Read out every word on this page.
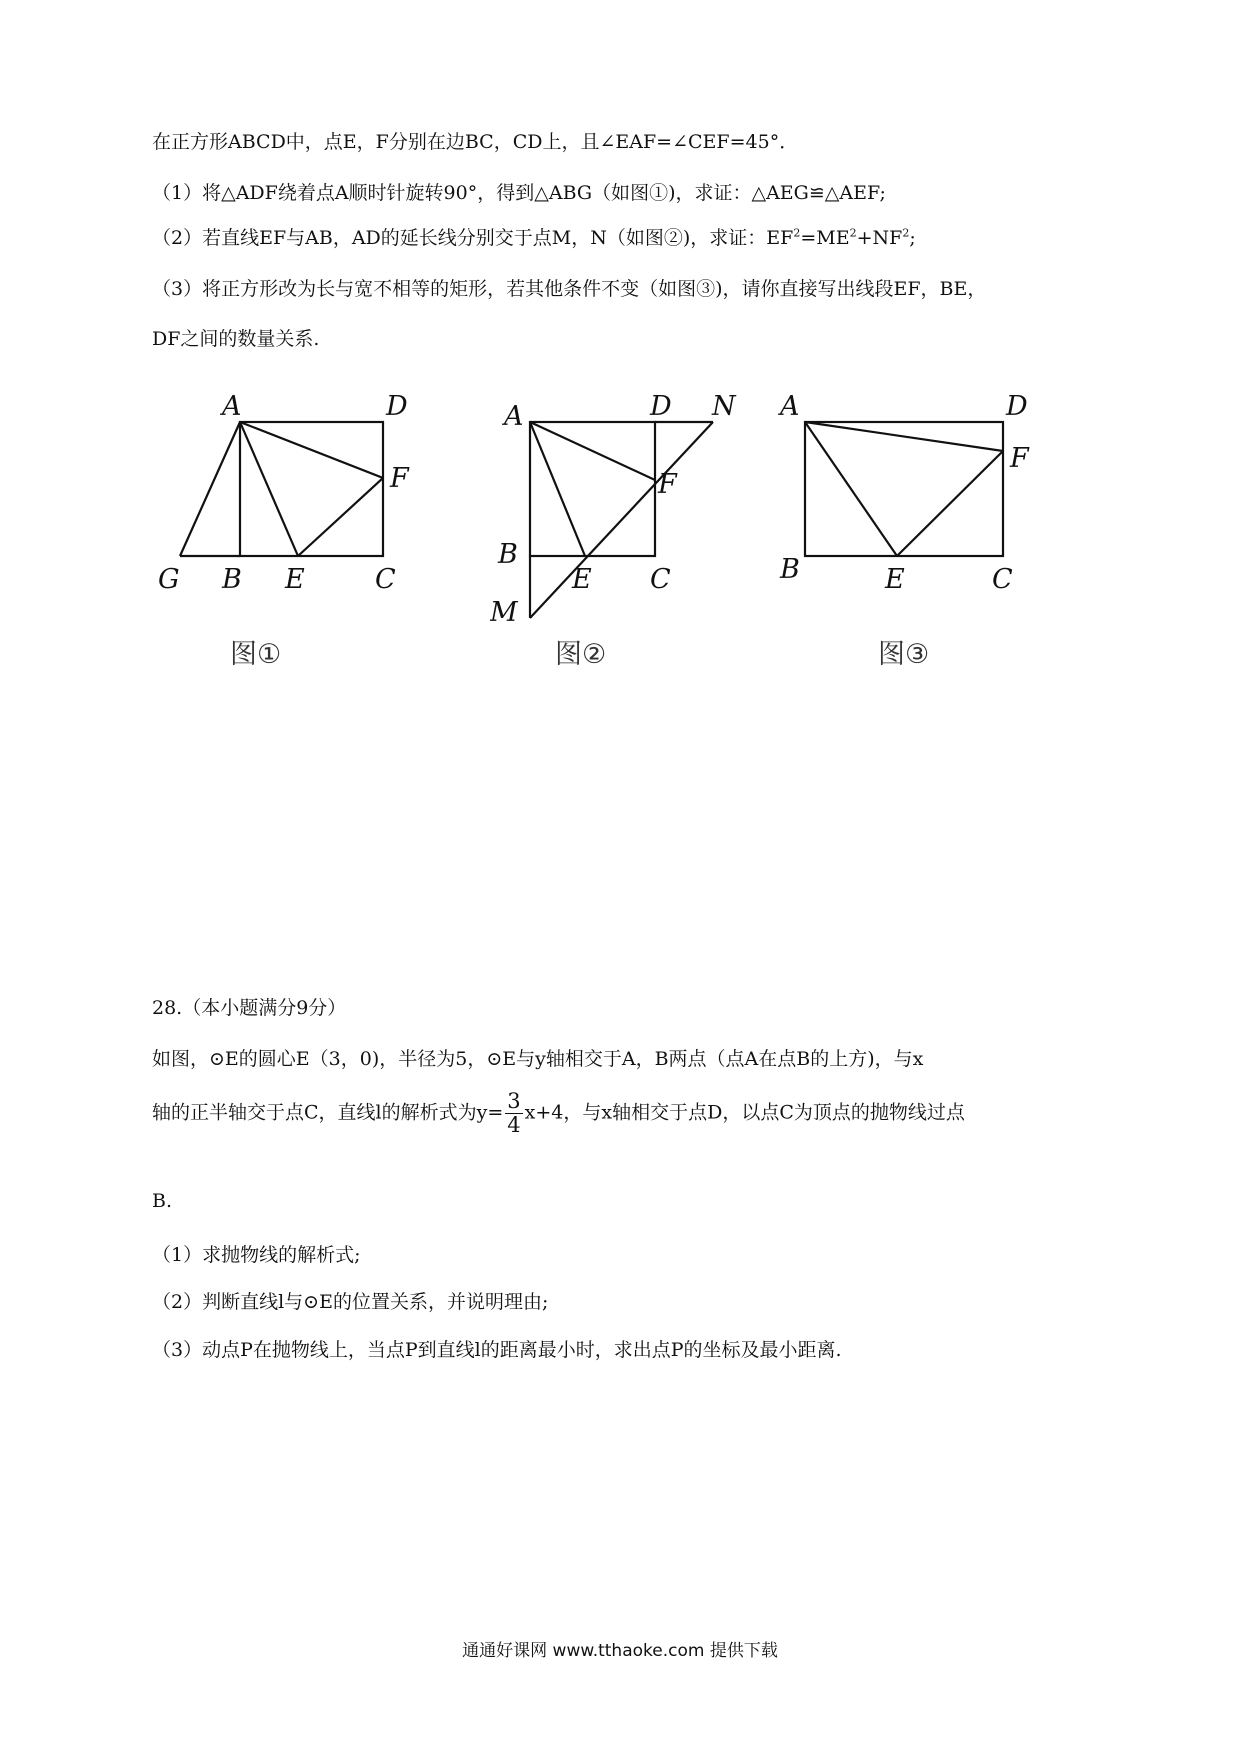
在正方形ABCD中，点E，F分别在边BC，CD上，且∠EAF=∠CEF=45°．
（1）将△ADF绕着点A顺时针旋转90°，得到△ABG（如图①)，求证：△AEG≌△AEF;
（2）若直线EF与AB，AD的延长线分别交于点M，N（如图②)，求证：$EF^2=ME^2+NF^2$;
（3）将正方形改为长与宽不相等的矩形，若其他条件不变（如图③)，请你直接写出线段EF，BE，
DF之间的数量关系.
A	D
F
G B E	C
图①
A	D N
F
B
E C
M
图②
A	D
F
B	E	C
图③
28.（本小题满分9分）
如图，⊙E的圆心E（3，0)，半径为5，⊙E与y轴相交于A，B两点（点A在点B的上方)，与x
轴的正半轴交于点C，直线l的解析式为$y= \frac{3}{4} x+4$，与x轴相交于点D，以点C为顶点的抛物线过点
B.
（1）求抛物线的解析式;
（2）判断直线l与⊙E的位置关系，并说明理由;
（3）动点P在抛物线上，当点P到直线l的距离最小时，求出点P的坐标及最小距离.
通通好课网 www.tthaoke.com 提供下载
